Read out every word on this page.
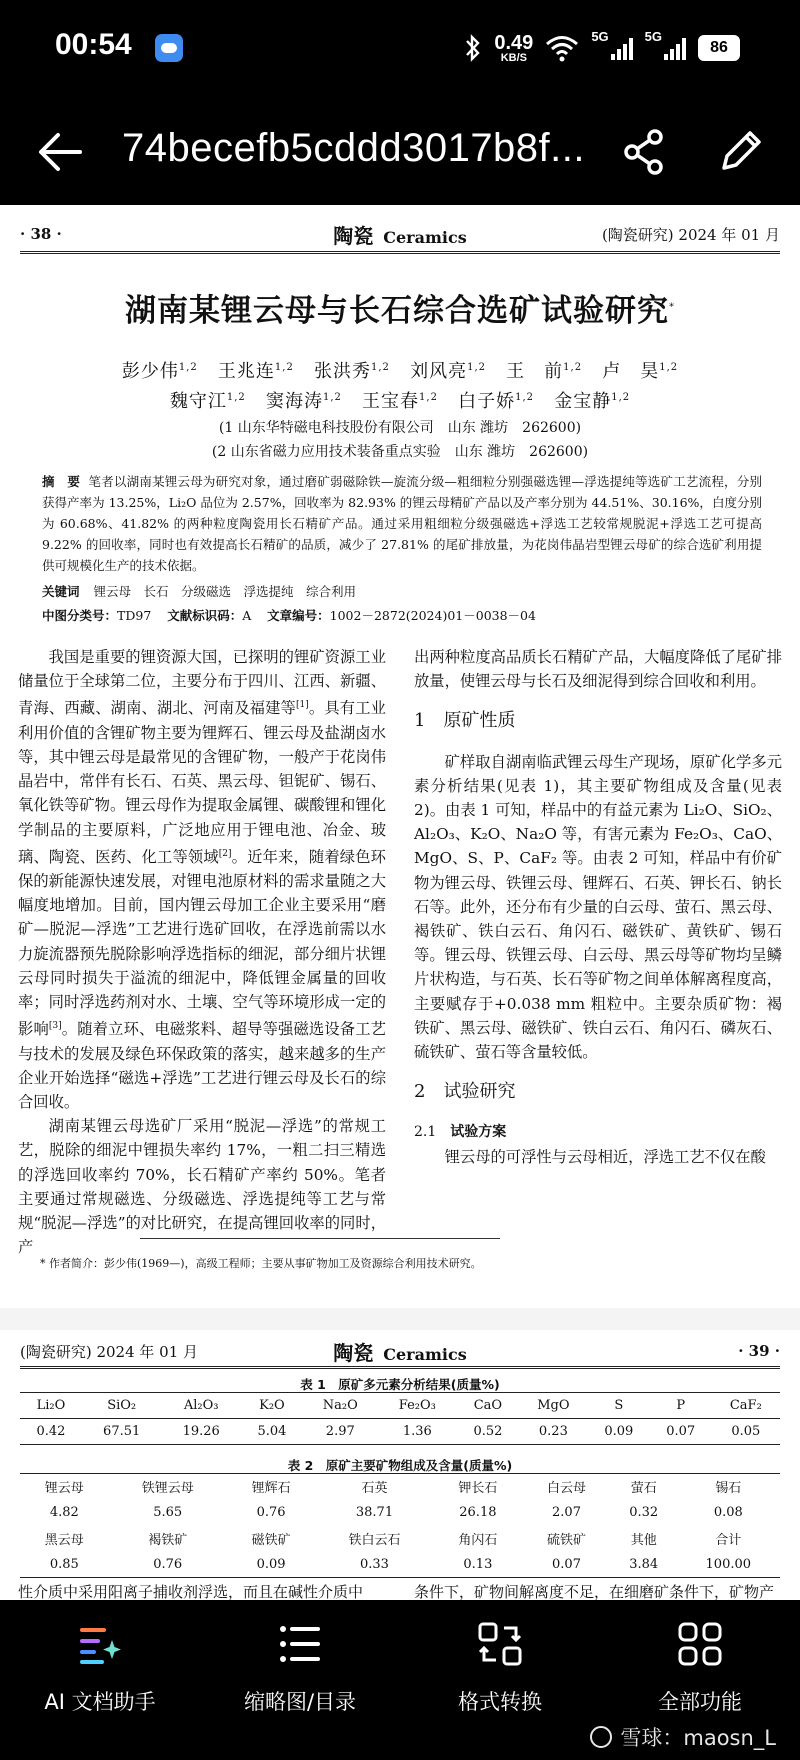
00:54	0.49
KB/S
5G	5G
86
74becefb5cddd3017b8f...
· 38 ·	陶瓷 Ceramics	(陶瓷研究) 2024 年 01 月
湖南某锂云母与长石综合选矿试验研究*
彭少伟$^{1,2}$ 王兆连$^{1,2}$ 张洪秀$^{1,2}$ 刘风亮$^{1,2}$ 王　前$^{1,2}$ 卢　昊$^{1,2}$
魏守江$^{1,2}$ 窦海涛$^{1,2}$ 王宝春$^{1,2}$ 白子娇$^{1,2}$ 金宝静$^{1,2}$
(1 山东华特磁电科技股份有限公司　山东 潍坊　262600)
(2 山东省磁力应用技术装备重点实验　山东 潍坊　262600)
摘　要 笔者以湖南某锂云母为研究对象，通过磨矿弱磁除铁—旋流分级—粗细粒分别强磁选锂—浮选提纯等选矿工艺流程，分别获得产率为 13.25%，Li₂O 品位为 2.57%，回收率为 82.93% 的锂云母精矿产品以及产率分别为 44.51%、30.16%，白度分别为 60.68%、41.82% 的两种粒度陶瓷用长石精矿产品。通过采用粗细粒分级强磁选+浮选工艺较常规脱泥+浮选工艺可提高 9.22% 的回收率，同时也有效提高长石精矿的品质，减少了 27.81% 的尾矿排放量，为花岗伟晶岩型锂云母矿的综合选矿利用提供可规模化生产的技术依据。
关键词 锂云母　长石　分级磁选　浮选提纯　综合利用
中图分类号：TD97 文献标识码：A 文章编号：1002－2872(2024)01－0038－04

我国是重要的锂资源大国，已探明的锂矿资源工业储量位于全球第二位，主要分布于四川、江西、新疆、青海、西藏、湖南、湖北、河南及福建等[1]。具有工业利用价值的含锂矿物主要为锂辉石、锂云母及盐湖卤水等，其中锂云母是最常见的含锂矿物，一般产于花岗伟晶岩中，常伴有长石、石英、黑云母、钽铌矿、锡石、氧化铁等矿物。锂云母作为提取金属锂、碳酸锂和锂化学制品的主要原料，广泛地应用于锂电池、冶金、玻璃、陶瓷、医药、化工等领域[2]。近年来，随着绿色环保的新能源快速发展，对锂电池原材料的需求量随之大幅度地增加。目前，国内锂云母加工企业主要采用“磨矿—脱泥—浮选”工艺进行选矿回收，在浮选前需以水力旋流器预先脱除影响浮选指标的细泥，部分细片状锂云母同时损失于溢流的细泥中，降低锂金属量的回收率；同时浮选药剂对水、土壤、空气等环境形成一定的影响[3]。随着立环、电磁浆料、超导等强磁选设备工艺与技术的发展及绿色环保政策的落实，越来越多的生产企业开始选择“磁选+浮选”工艺进行锂云母及长石的综合回收。

湖南某锂云母选矿厂采用“脱泥—浮选”的常规工艺，脱除的细泥中锂损失率约 17%，一粗二扫三精选的浮选回收率约 70%，长石精矿产率约 50%。笔者主要通过常规磁选、分级磁选、浮选提纯等工艺与常规“脱泥—浮选”的对比研究，在提高锂回收率的同时，产

出两种粒度高品质长石精矿产品，大幅度降低了尾矿排放量，使锂云母与长石及细泥得到综合回收和利用。

1 原矿性质

矿样取自湖南临武锂云母生产现场，原矿化学多元素分析结果(见表 1)，其主要矿物组成及含量(见表 2)。由表 1 可知，样品中的有益元素为 Li₂O、SiO₂、Al₂O₃、K₂O、Na₂O 等，有害元素为 Fe₂O₃、CaO、MgO、S、P、CaF₂ 等。由表 2 可知，样品中有价矿物为锂云母、铁锂云母、锂辉石、石英、钾长石、钠长石等。此外，还分布有少量的白云母、萤石、黑云母、褐铁矿、铁白云石、角闪石、磁铁矿、黄铁矿、锡石等。锂云母、铁锂云母、白云母、黑云母等矿物均呈鳞片状构造，与石英、长石等矿物之间单体解离程度高，主要赋存于+0.038 mm 粗粒中。主要杂质矿物：褐铁矿、黑云母、磁铁矿、铁白云石、角闪石、磷灰石、硫铁矿、萤石等含量较低。

2 试验研究
2.1 试验方案

锂云母的可浮性与云母相近，浮选工艺不仅在酸

* 作者简介：彭少伟(1969—)，高级工程师；主要从事矿物加工及资源综合利用技术研究。
(陶瓷研究) 2024 年 01 月	陶瓷 Ceramics	· 39 ·
表 1　原矿多元素分析结果(质量%)
Li₂O	SiO₂	Al₂O₃	K₂O	Na₂O	Fe₂O₃	CaO	MgO	S	P	CaF₂
0.42	67.51	19.26	5.04	2.97	1.36	0.52	0.23	0.09	0.07	0.05
表 2　原矿主要矿物组成及含量(质量%)
锂云母	铁锂云母	锂辉石	石英	钾长石	白云母	萤石	锡石
4.82	5.65	0.76	38.71	26.18	2.07	0.32	0.08
黑云母	褐铁矿	磁铁矿	铁白云石	角闪石	硫铁矿	其他	合计
0.85	0.76	0.09	0.33	0.13	0.07	3.84	100.00
性介质中采用阳离子捕收剂浮选，而且在碱性介质中	条件下，矿物间解离度不足，在细磨矿条件下，矿物产
AI 文档助手	缩略图/目录	格式转换	全部功能
雪球：maosn_L
